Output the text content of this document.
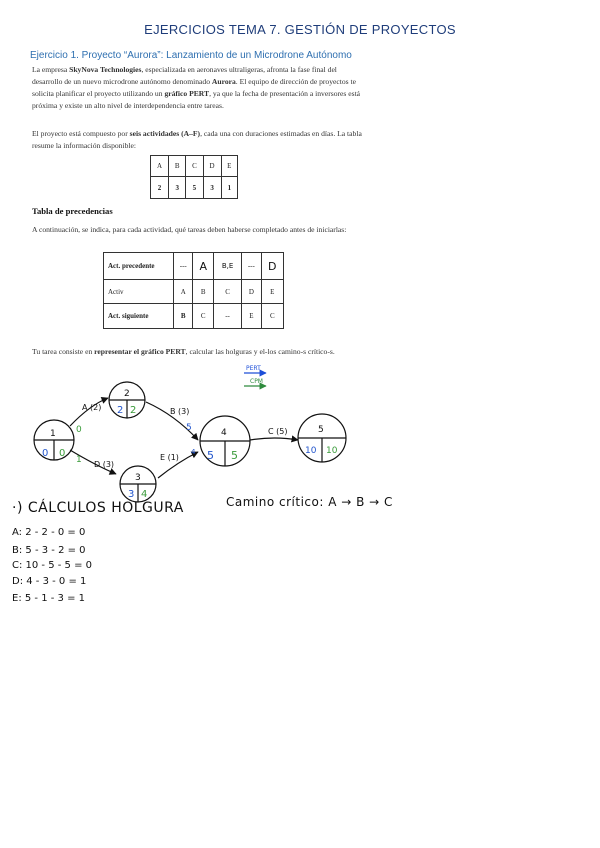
EJERCICIOS TEMA 7. GESTIÓN DE PROYECTOS
Ejercicio 1. Proyecto “Aurora”: Lanzamiento de un Microdrone Autónomo
La empresa SkyNova Technologies, especializada en aeronaves ultraligeras, afronta la fase final del desarrollo de un nuevo microdrone autónomo denominado Aurora. El equipo de dirección de proyectos te solicita planificar el proyecto utilizando un gráfico PERT, ya que la fecha de presentación a inversores está próxima y existe un alto nivel de interdependencia entre tareas.
El proyecto está compuesto por seis actividades (A–F), cada una con duraciones estimadas en días. La tabla resume la información disponible:
A	B	C	D	E
2	3	5	3	1
Tabla de precedencias
A continuación, se indica, para cada actividad, qué tareas deben haberse completado antes de iniciarlas:
Act. precedente	---	A	B,E	---	D
Activ	A	B	C	D	E
Act. siguiente	B	C	--	E	C
Tu tarea consiste en representar el gráfico PERT, calcular las holguras y el-los camino-s crítico-s.
PERT
CPM
1
0 0
2
2 2
3
3 4
4
5 5
5
10 10
A (2)
0
B (3)
5	C (5)
D (3)
1	E (1)
4
·) CÁLCULOS HOLGURA	Camino crítico: A → B → C
A: 2 - 2 - 0 = 0
B: 5 - 3 - 2 = 0
C: 10 - 5 - 5 = 0
D: 4 - 3 - 0 = 1
E: 5 - 1 - 3 = 1
